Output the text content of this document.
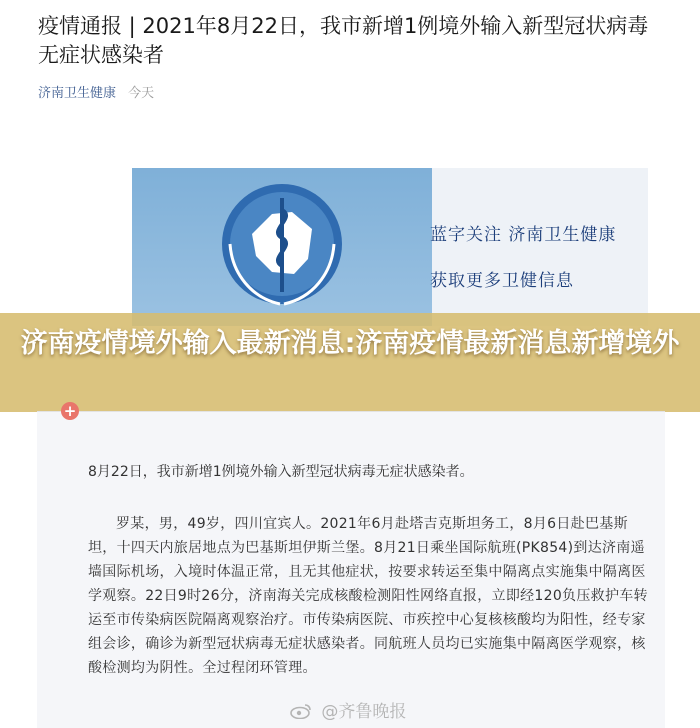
疫情通报 | 2021年8月22日，我市新增1例境外输入新型冠状病毒无症状感染者
济南卫生健康 今天
蓝字关注 济南卫生健康
获取更多卫健信息
济南疫情境外输入最新消息:济南疫情最新消息新增境外
+

8月22日，我市新增1例境外输入新型冠状病毒无症状感染者。

罗某，男，49岁，四川宜宾人。2021年6月赴塔吉克斯坦务工，8月6日赴巴基斯坦，十四天内旅居地点为巴基斯坦伊斯兰堡。8月21日乘坐国际航班(PK854)到达济南遥墙国际机场，入境时体温正常，且无其他症状，按要求转运至集中隔离点实施集中隔离医学观察。22日9时26分，济南海关完成核酸检测阳性网络直报，立即经120负压救护车转运至市传染病医院隔离观察治疗。市传染病医院、市疾控中心复核核酸均为阳性，经专家组会诊，确诊为新型冠状病毒无症状感染者。同航班人员均已实施集中隔离医学观察，核酸检测均为阴性。全过程闭环管理。

@齐鲁晚报
